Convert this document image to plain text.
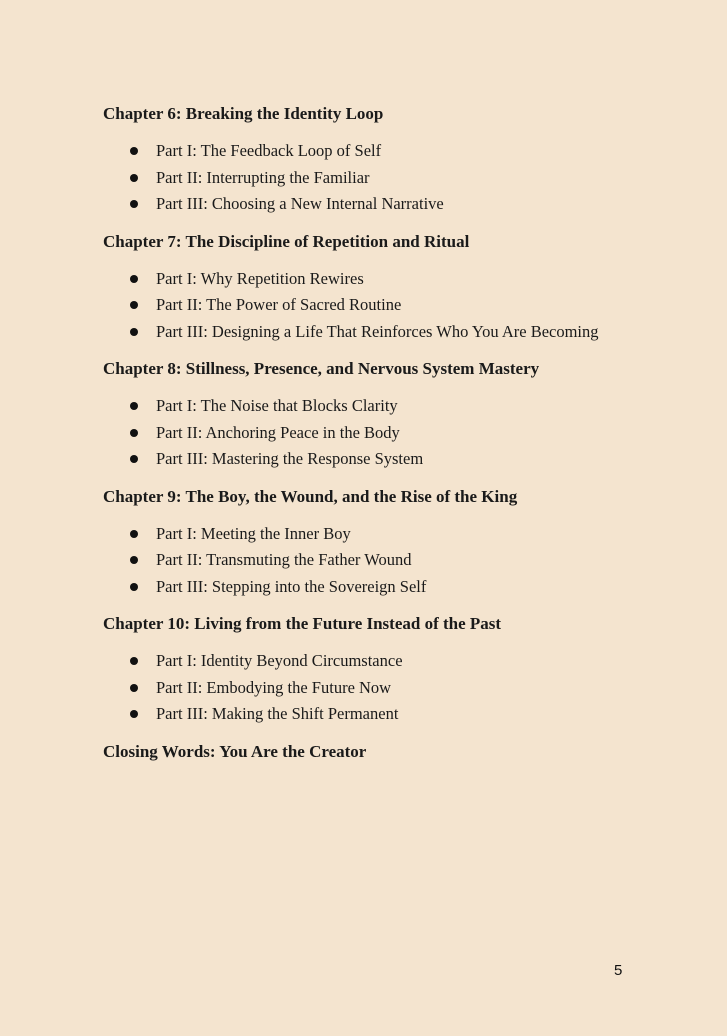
Chapter 6: Breaking the Identity Loop
Part I: The Feedback Loop of Self
Part II: Interrupting the Familiar
Part III: Choosing a New Internal Narrative
Chapter 7: The Discipline of Repetition and Ritual
Part I: Why Repetition Rewires
Part II: The Power of Sacred Routine
Part III: Designing a Life That Reinforces Who You Are Becoming
Chapter 8: Stillness, Presence, and Nervous System Mastery
Part I: The Noise that Blocks Clarity
Part II: Anchoring Peace in the Body
Part III: Mastering the Response System
Chapter 9: The Boy, the Wound, and the Rise of the King
Part I: Meeting the Inner Boy
Part II: Transmuting the Father Wound
Part III: Stepping into the Sovereign Self
Chapter 10: Living from the Future Instead of the Past
Part I: Identity Beyond Circumstance
Part II: Embodying the Future Now
Part III: Making the Shift Permanent
Closing Words: You Are the Creator
5
